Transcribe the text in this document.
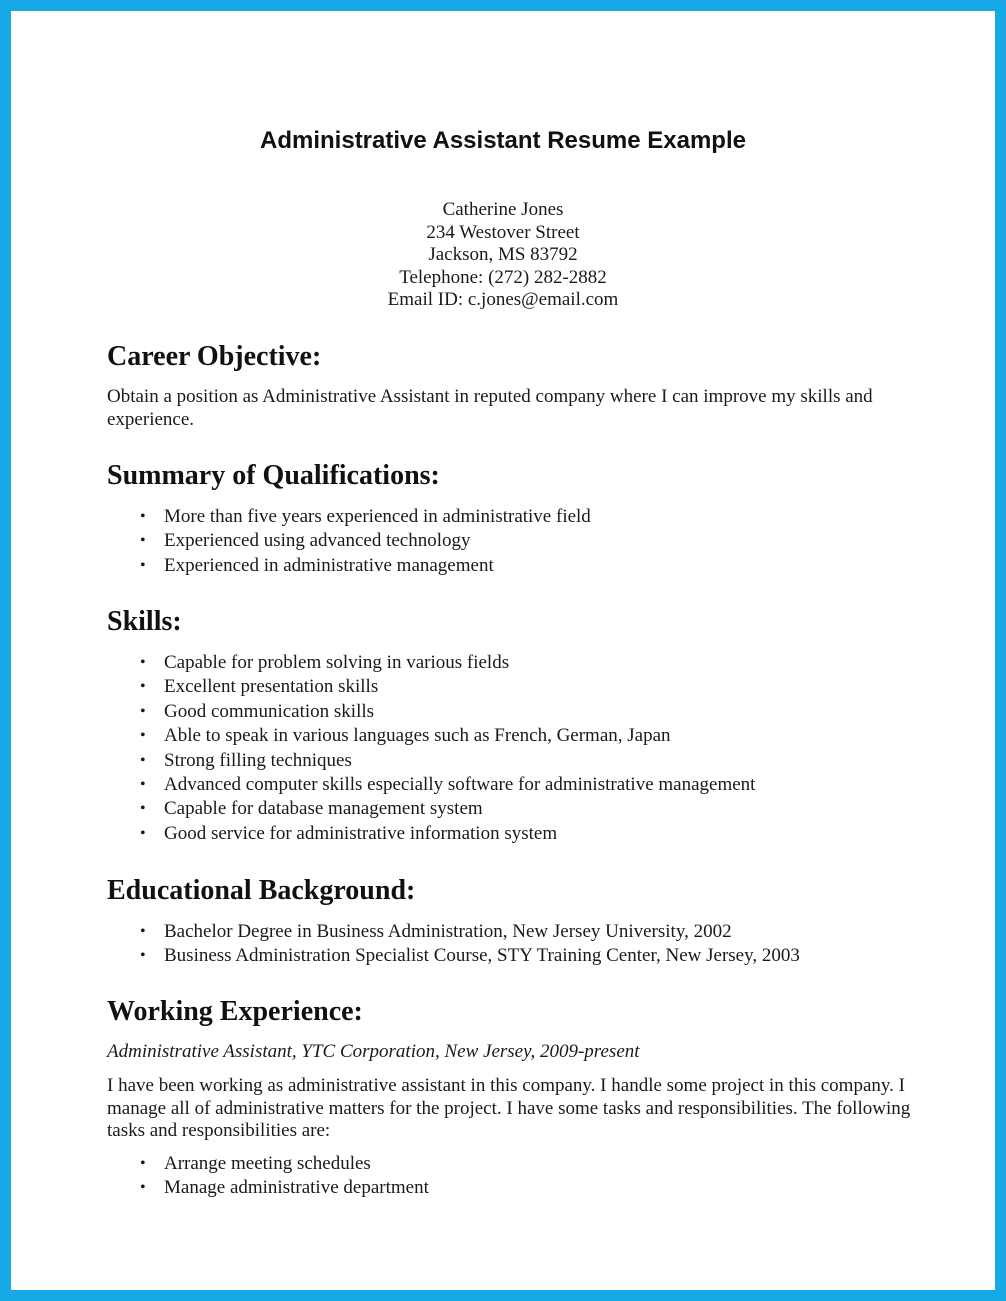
Administrative Assistant Resume Example
Catherine Jones
234 Westover Street
Jackson, MS 83792
Telephone: (272) 282-2882
Email ID: c.jones@email.com
Career Objective:

Obtain a position as Administrative Assistant in reputed company where I can improve my skills and experience.

Summary of Qualifications:
• More than five years experienced in administrative field
• Experienced using advanced technology
• Experienced in administrative management
Skills:
• Capable for problem solving in various fields
• Excellent presentation skills
• Good communication skills
• Able to speak in various languages such as French, German, Japan
• Strong filling techniques
• Advanced computer skills especially software for administrative management
• Capable for database management system
• Good service for administrative information system
Educational Background:
• Bachelor Degree in Business Administration, New Jersey University, 2002
• Business Administration Specialist Course, STY Training Center, New Jersey, 2003
Working Experience:

Administrative Assistant, YTC Corporation, New Jersey, 2009-present

I have been working as administrative assistant in this company. I handle some project in this company. I manage all of administrative matters for the project. I have some tasks and responsibilities. The following tasks and responsibilities are:

• Arrange meeting schedules
• Manage administrative department
